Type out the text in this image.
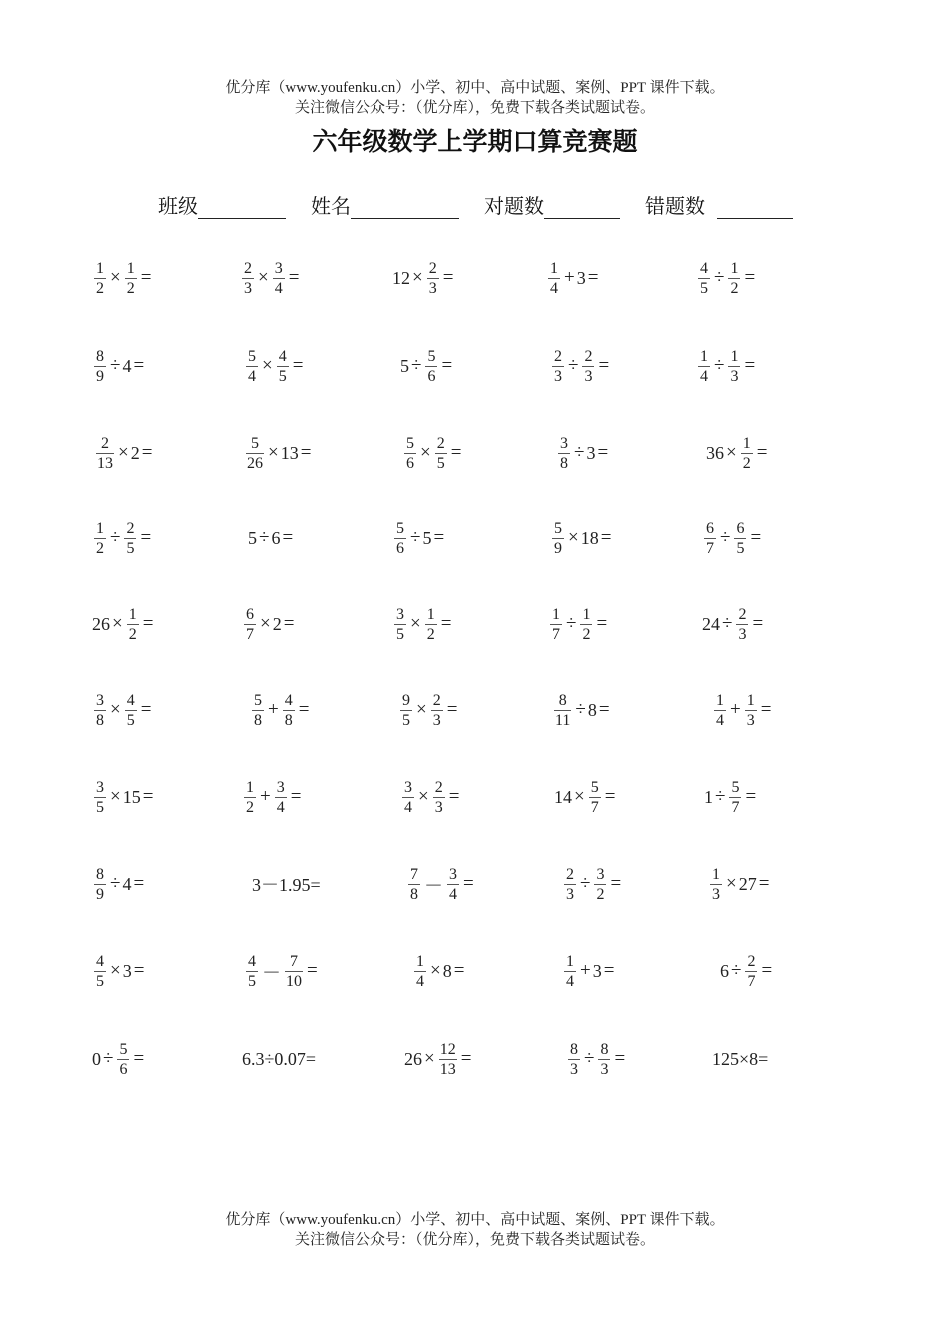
优分库（www.youfenku.cn）小学、初中、高中试题、案例、PPT 课件下载。
关注微信公众号：（优分库），免费下载各类试题试卷。
六年级数学上学期口算竞赛题
班级	姓名	对题数	错题数
$\frac{1}{2} \times \frac{1}{2}$ =	$\frac{2}{3} \times \frac{3}{4}$ =	$12 \times \frac{2}{3}$ =	$\frac{1}{4} + 3$ =	$\frac{4}{5} \div \frac{1}{2}$ =
$\frac{8}{9} \div 4$ =	$\frac{5}{4} \times \frac{4}{5}$ =	$5 \div \frac{5}{6}$ =	$\frac{2}{3} \div \frac{2}{3}$ =	$\frac{1}{4} \div \frac{1}{3}$ =
$\frac{2}{13} \times 2$ =	$\frac{5}{26} \times 13$ =	$\frac{5}{6} \times \frac{2}{5}$ =	$\frac{3}{8} \div 3$ =	$36 \times \frac{1}{2}$ =
$\frac{1}{2} \div \frac{2}{5}$ =	5 ÷ 6 =	$\frac{5}{6} \div 5$ =	$\frac{5}{9} \times 18$ =	$\frac{6}{7} \div \frac{6}{5}$ =
$26 \times \frac{1}{2}$ =	$\frac{6}{7} \times 2$ =	$\frac{3}{5} \times \frac{1}{2}$ =	$\frac{1}{7} \div \frac{1}{2}$ =	$24 \div \frac{2}{3}$ =
$\frac{3}{8} \times \frac{4}{5}$ =	$\frac{5}{8} + \frac{4}{8}$ =	$\frac{9}{5} \times \frac{2}{3}$ =	$\frac{8}{11} \div 8$ =	$\frac{1}{4} + \frac{1}{3}$ =
$\frac{3}{5} \times 15$ =	$\frac{1}{2} + \frac{3}{4}$ =	$\frac{3}{4} \times \frac{2}{3}$ =	$14 \times \frac{5}{7}$ =	$1 \div \frac{5}{7}$ =
$\frac{8}{9} \div 4$ =	3－1.95=	$\frac{7}{8} - \frac{3}{4}$ =	$\frac{2}{3} \div \frac{3}{2}$ =	$\frac{1}{3} \times 27$ =
$\frac{4}{5} \times 3$ =	$\frac{4}{5} - \frac{7}{10}$ =	$\frac{1}{4} \times 8$ =	$\frac{1}{4} + 3$ =	$6 \div \frac{2}{7}$ =
$0 \div \frac{5}{6}$ =	6.3÷0.07=	$26 \times \frac{12}{13}$ =	$\frac{8}{3} \div \frac{8}{3}$ =	125×8=
优分库（www.youfenku.cn）小学、初中、高中试题、案例、PPT 课件下载。
关注微信公众号：（优分库），免费下载各类试题试卷。
